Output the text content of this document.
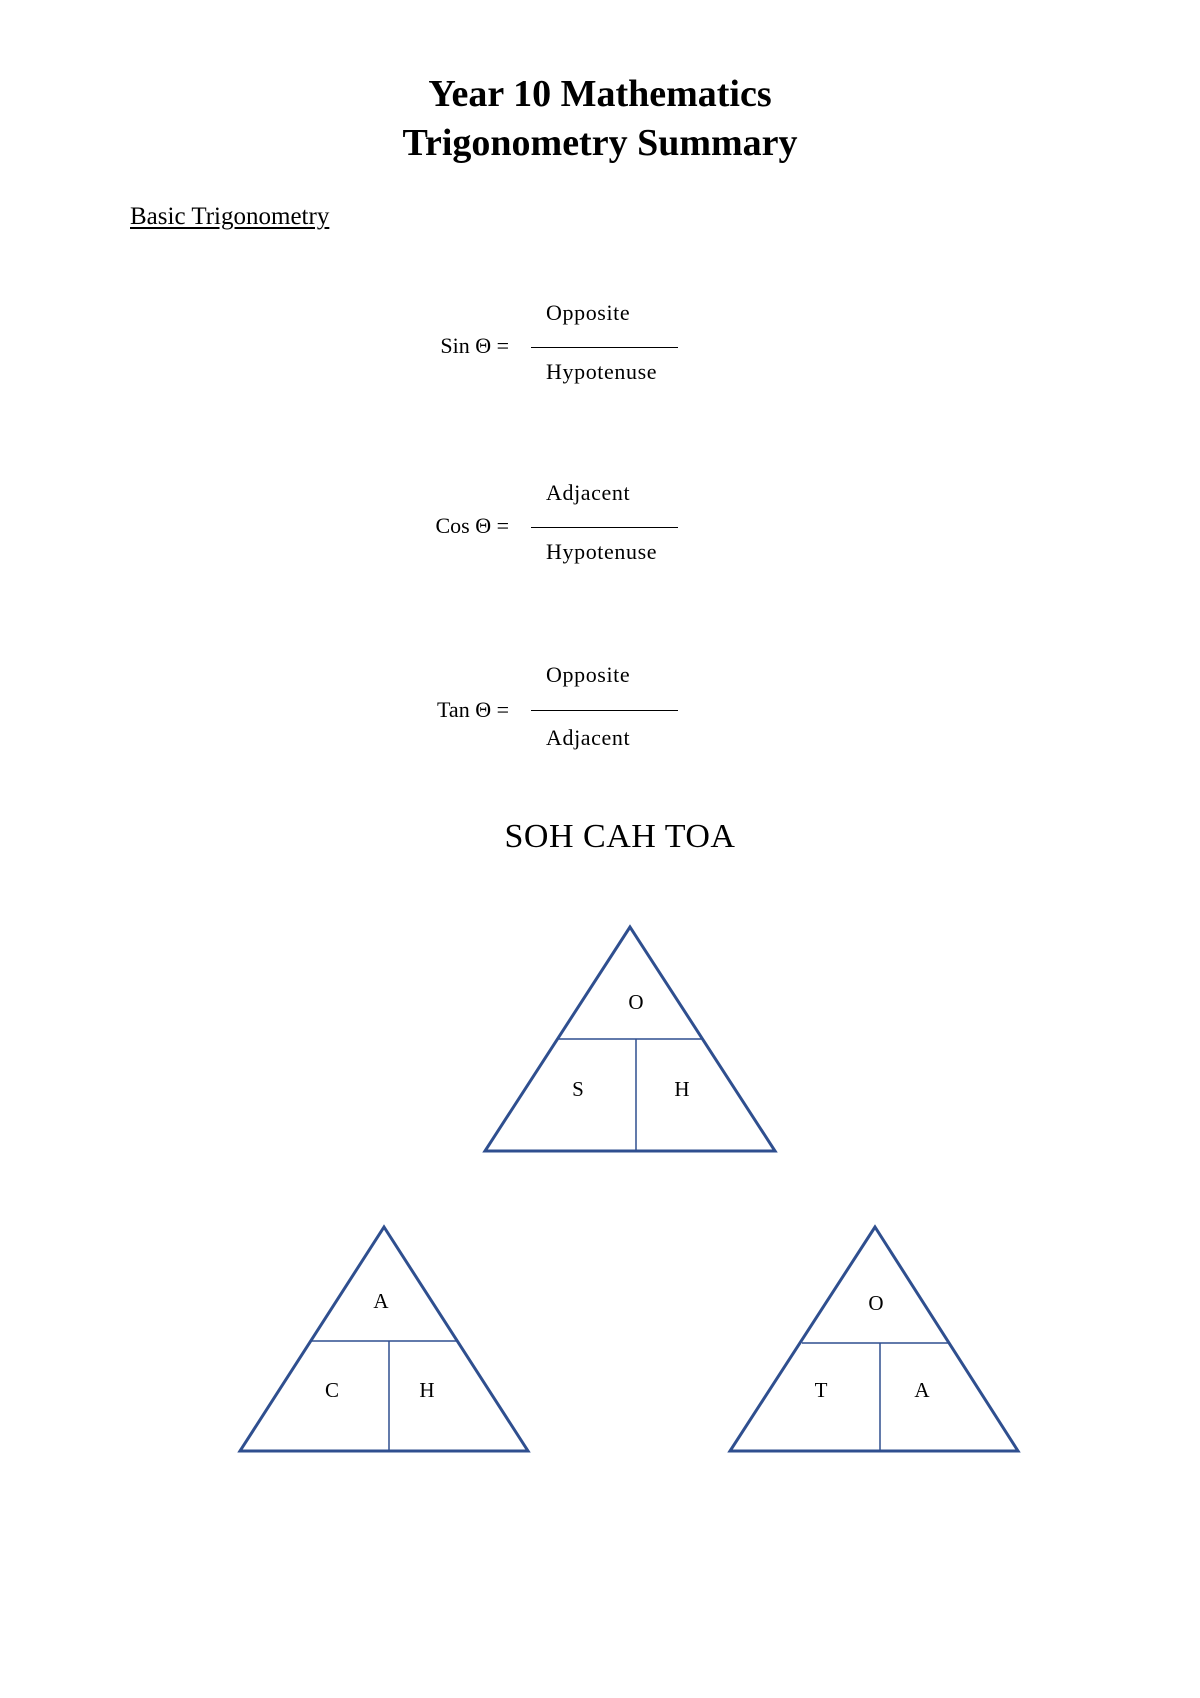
Year 10 Mathematics
Trigonometry Summary
Basic Trigonometry
Sin Θ =
Opposite
Hypotenuse
Cos Θ =
Adjacent
Hypotenuse
Tan Θ =
Opposite
Adjacent
SOH CAH TOA
O
S	H
A
C	H
O
T	A
